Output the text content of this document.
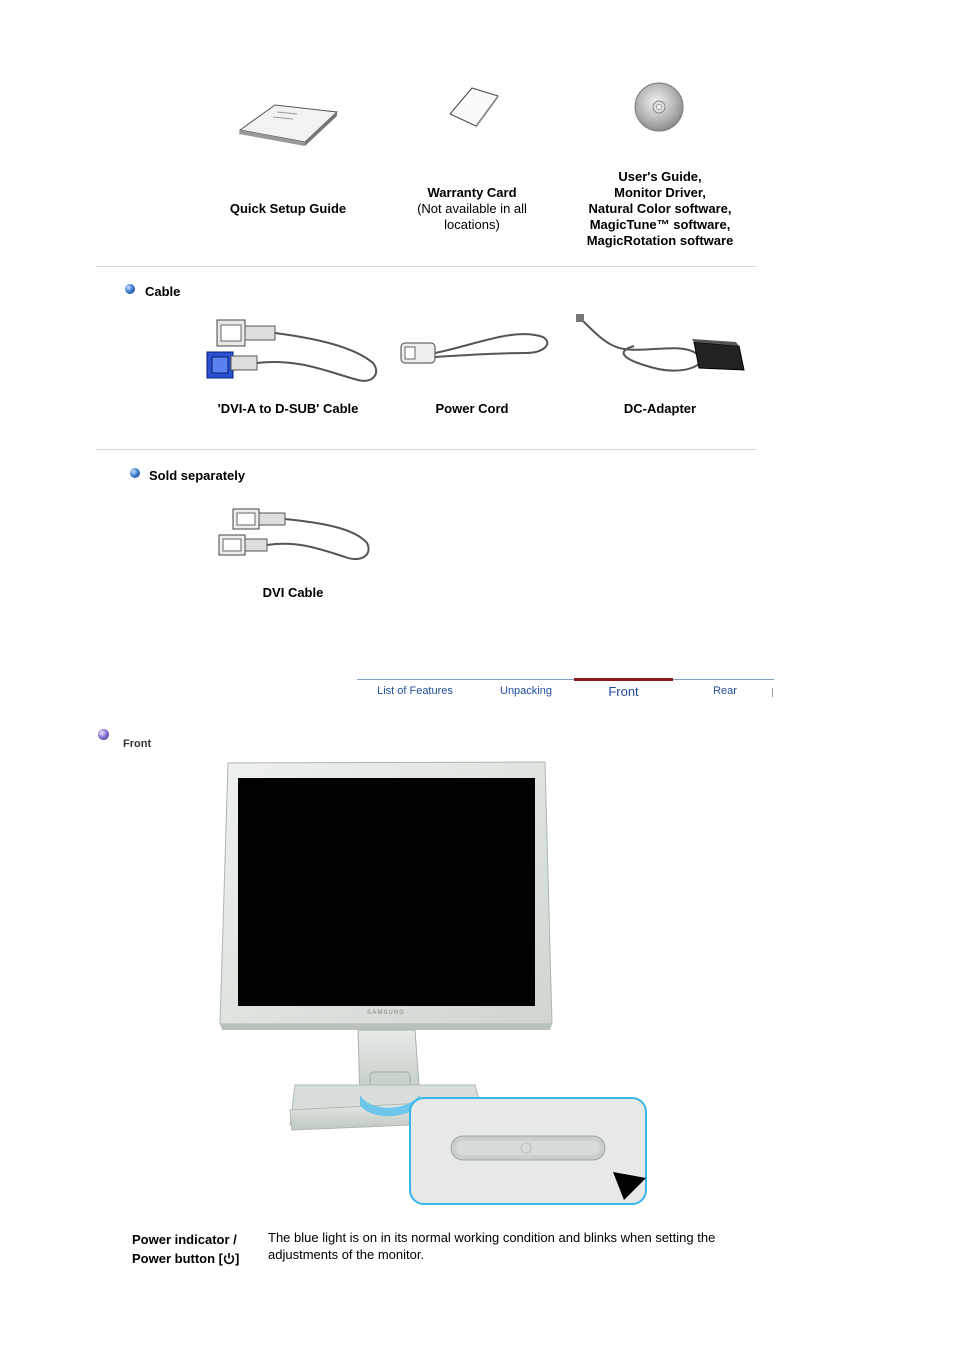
Quick Setup Guide
Warranty Card
(Not available in all locations)
User's Guide,
Monitor Driver,
Natural Color software,
MagicTune™ software,
MagicRotation software
Cable
'DVI-A to D-SUB' Cable	Power Cord	DC-Adapter
Sold separately
DVI Cable
List of Features	Unpacking	Front	Rear
Front
SAMSUNG
Power indicator /
Power button [ ]
The blue light is on in its normal working condition and blinks when setting the adjustments of the monitor.
